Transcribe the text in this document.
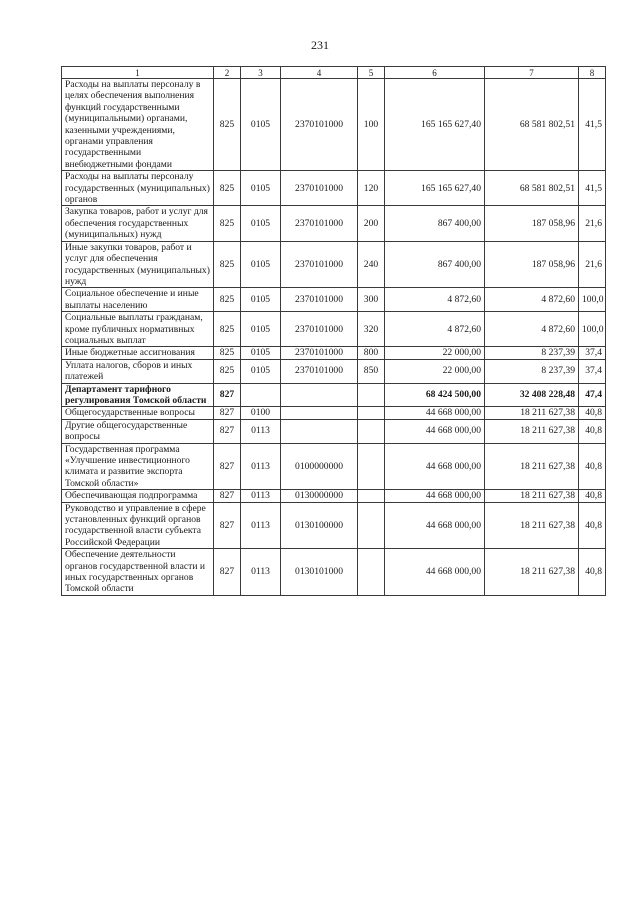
231
1	2	3	4	5	6	7	8
Расходы на выплаты персоналу в целях обеспечения выполнения функций государственными (муниципальными) органами, казенными учреждениями, органами управления государственными внебюджетными фондами	825	0105	2370101000	100	165 165 627,40	68 581 802,51	41,5
Расходы на выплаты персоналу государственных (муниципальных) органов	825	0105	2370101000	120	165 165 627,40	68 581 802,51	41,5
Закупка товаров, работ и услуг для обеспечения государственных (муниципальных) нужд	825	0105	2370101000	200	867 400,00	187 058,96	21,6
Иные закупки товаров, работ и услуг для обеспечения государственных (муниципальных) нужд	825	0105	2370101000	240	867 400,00	187 058,96	21,6
Социальное обеспечение и иные выплаты населению	825	0105	2370101000	300	4 872,60	4 872,60	100,0
Социальные выплаты гражданам, кроме публичных нормативных социальных выплат	825	0105	2370101000	320	4 872,60	4 872,60	100,0
Иные бюджетные ассигнования	825	0105	2370101000	800	22 000,00	8 237,39	37,4
Уплата налогов, сборов и иных платежей	825	0105	2370101000	850	22 000,00	8 237,39	37,4
Департамент тарифного регулирования Томской области	827				68 424 500,00	32 408 228,48	47,4
Общегосударственные вопросы	827	0100			44 668 000,00	18 211 627,38	40,8
Другие общегосударственные вопросы	827	0113			44 668 000,00	18 211 627,38	40,8
Государственная программа «Улучшение инвестиционного климата и развитие экспорта Томской области»	827	0113	0100000000		44 668 000,00	18 211 627,38	40,8
Обеспечивающая подпрограмма	827	0113	0130000000		44 668 000,00	18 211 627,38	40,8
Руководство и управление в сфере установленных функций органов государственной власти субъекта Российской Федерации	827	0113	0130100000		44 668 000,00	18 211 627,38	40,8
Обеспечение деятельности органов государственной власти и иных государственных органов Томской области	827	0113	0130101000		44 668 000,00	18 211 627,38	40,8
